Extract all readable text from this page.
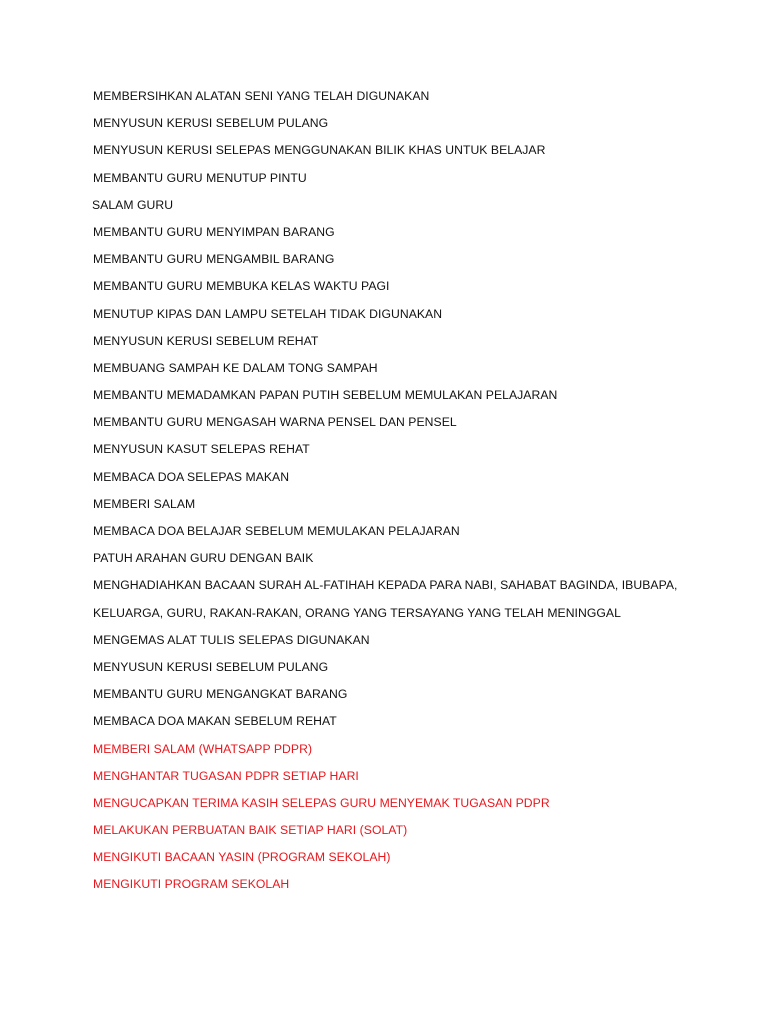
MEMBERSIHKAN ALATAN SENI YANG TELAH DIGUNAKAN
MENYUSUN KERUSI SEBELUM PULANG
MENYUSUN KERUSI SELEPAS MENGGUNAKAN BILIK KHAS UNTUK BELAJAR
MEMBANTU GURU MENUTUP PINTU
SALAM GURU
MEMBANTU GURU MENYIMPAN BARANG
MEMBANTU GURU MENGAMBIL BARANG
MEMBANTU GURU MEMBUKA KELAS WAKTU PAGI
MENUTUP KIPAS DAN LAMPU SETELAH TIDAK DIGUNAKAN
MENYUSUN KERUSI SEBELUM REHAT
MEMBUANG SAMPAH KE DALAM TONG SAMPAH
MEMBANTU MEMADAMKAN PAPAN PUTIH SEBELUM MEMULAKAN PELAJARAN
MEMBANTU GURU MENGASAH WARNA PENSEL DAN PENSEL
MENYUSUN KASUT SELEPAS REHAT
MEMBACA DOA SELEPAS MAKAN
MEMBERI SALAM
MEMBACA DOA BELAJAR SEBELUM MEMULAKAN PELAJARAN
PATUH ARAHAN GURU DENGAN BAIK
MENGHADIAHKAN BACAAN SURAH AL-FATIHAH KEPADA PARA NABI, SAHABAT BAGINDA, IBUBAPA,
KELUARGA, GURU, RAKAN-RAKAN, ORANG YANG TERSAYANG YANG TELAH MENINGGAL
MENGEMAS ALAT TULIS SELEPAS DIGUNAKAN
MENYUSUN KERUSI SEBELUM PULANG
MEMBANTU GURU MENGANGKAT BARANG
MEMBACA DOA MAKAN SEBELUM REHAT
MEMBERI SALAM (WHATSAPP PDPR)
MENGHANTAR TUGASAN PDPR SETIAP HARI
MENGUCAPKAN TERIMA KASIH SELEPAS GURU MENYEMAK TUGASAN PDPR
MELAKUKAN PERBUATAN BAIK SETIAP HARI (SOLAT)
MENGIKUTI BACAAN YASIN (PROGRAM SEKOLAH)
MENGIKUTI PROGRAM SEKOLAH
